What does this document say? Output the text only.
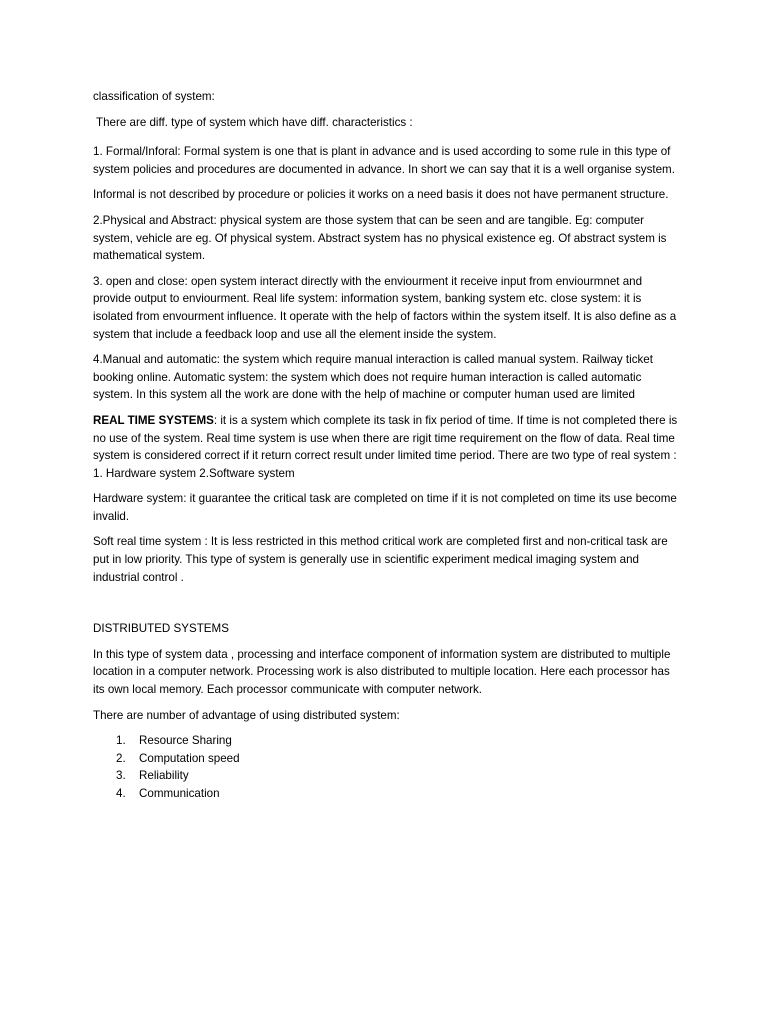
classification of system:

There are diff. type of system which have diff. characteristics :

1. Formal/Inforal: Formal system is one that is plant in advance and is used according to some rule in this type of system policies and procedures are documented in advance. In short we can say that it is a well organise system.

Informal is not described by procedure or policies it works on a need basis it does not have permanent structure.

2.Physical and Abstract: physical system are those system that can be seen and are tangible. Eg: computer system, vehicle are eg. Of physical system. Abstract system has no physical existence eg. Of abstract system is mathematical system.

3. open and close: open system interact directly with the enviourment it receive input from enviourmnet and provide output to enviourment. Real life system: information system, banking system etc. close system: it is isolated from envourment influence. It operate with the help of factors within the system itself. It is also define as a system that include a feedback loop and use all the element inside the system.

4.Manual and automatic: the system which require manual interaction is called manual system. Railway ticket booking online. Automatic system: the system which does not require human interaction is called automatic system. In this system all the work are done with the help of machine or computer human used are limited

REAL TIME SYSTEMS: it is a system which complete its task in fix period of time. If time is not completed there is no use of the system. Real time system is use when there are rigit time requirement on the flow of data. Real time system is considered correct if it return correct result under limited time period. There are two type of real system : 1. Hardware system 2.Software system

Hardware system: it guarantee the critical task are completed on time if it is not completed on time its use become invalid.

Soft real time system : It is less restricted in this method critical work are completed first and non-critical task are put in low priority. This type of system is generally use in scientific experiment medical imaging system and industrial control .

DISTRIBUTED SYSTEMS

In this type of system data , processing and interface component of information system are distributed to multiple location in a computer network. Processing work is also distributed to multiple location. Here each processor has its own local memory. Each processor communicate with computer network.

There are number of advantage of using distributed system:

1.	Resource Sharing
2.	Computation speed
3.	Reliability
4.	Communication
